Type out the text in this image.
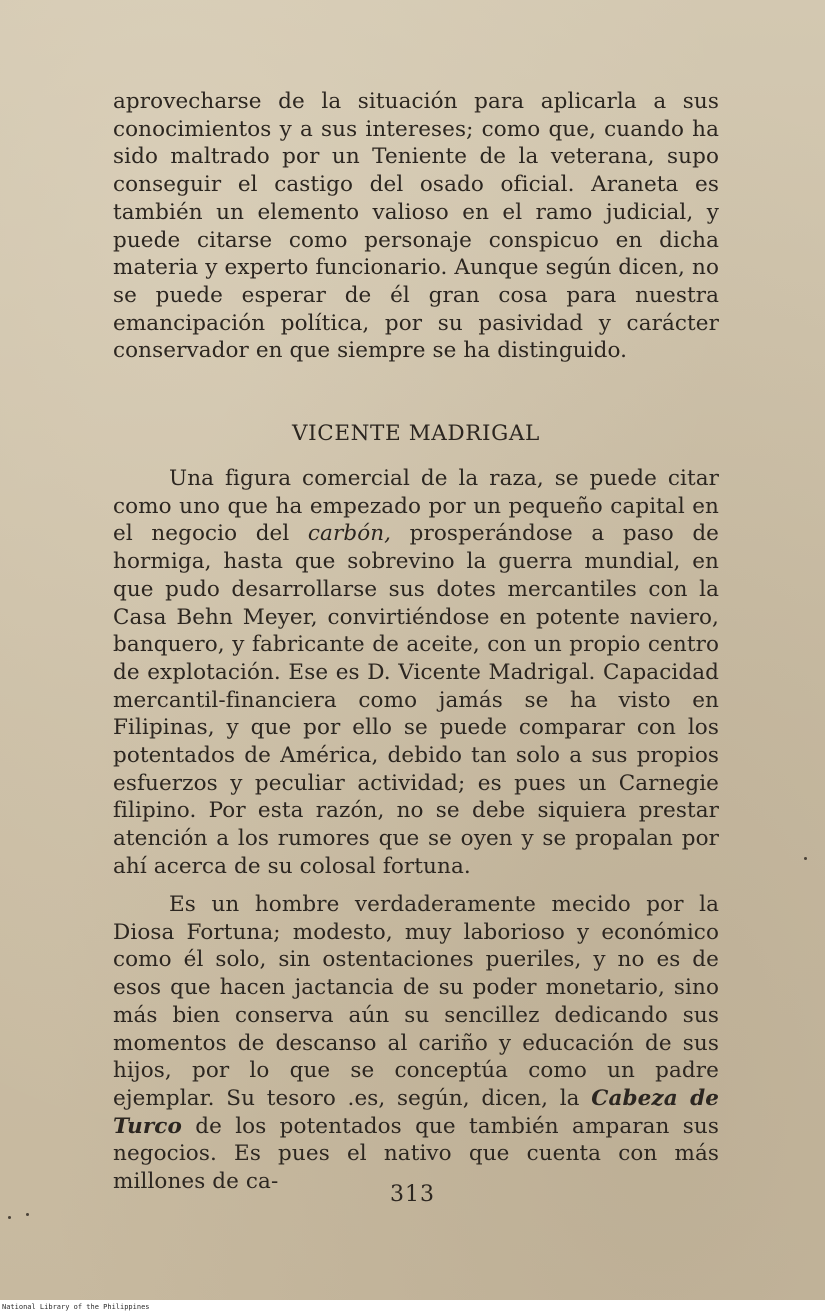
aprovecharse de la situación para aplicarla a sus conocimientos y a sus intereses; como que, cuando ha sido maltrado por un Teniente de la veterana, supo conseguir el castigo del osado oficial. Araneta es también un elemento valioso en el ramo judicial, y puede citarse como personaje conspicuo en dicha materia y experto funcionario. Aunque según dicen, no se puede esperar de él gran cosa para nuestra emancipación política, por su pasividad y carácter conservador en que siempre se ha distinguido.

VICENTE MADRIGAL

Una figura comercial de la raza, se puede citar como uno que ha empezado por un pequeño capital en el negocio del carbón, prosperándose a paso de hormiga, hasta que sobrevino la guerra mundial, en que pudo desarrollarse sus dotes mercantiles con la Casa Behn Meyer, convirtiéndose en potente naviero, banquero, y fabricante de aceite, con un propio centro de explotación. Ese es D. Vicente Madrigal. Capacidad mercantil-financiera como jamás se ha visto en Filipinas, y que por ello se puede comparar con los potentados de América, debido tan solo a sus propios esfuerzos y peculiar actividad; es pues un Carnegie filipino. Por esta razón, no se debe siquiera prestar atención a los rumores que se oyen y se propalan por ahí acerca de su colosal fortuna.

Es un hombre verdaderamente mecido por la Diosa Fortuna; modesto, muy laborioso y económico como él solo, sin ostentaciones pueriles, y no es de esos que hacen jactancia de su poder monetario, sino más bien conserva aún su sencillez dedicando sus momentos de descanso al cariño y educación de sus hijos, por lo que se conceptúa como un padre ejemplar. Su tesoro .es, según, dicen, la Cabeza de Turco de los potentados que también amparan sus negocios. Es pues el nativo que cuenta con más millones de ca-

313
National Library of the Philippines
